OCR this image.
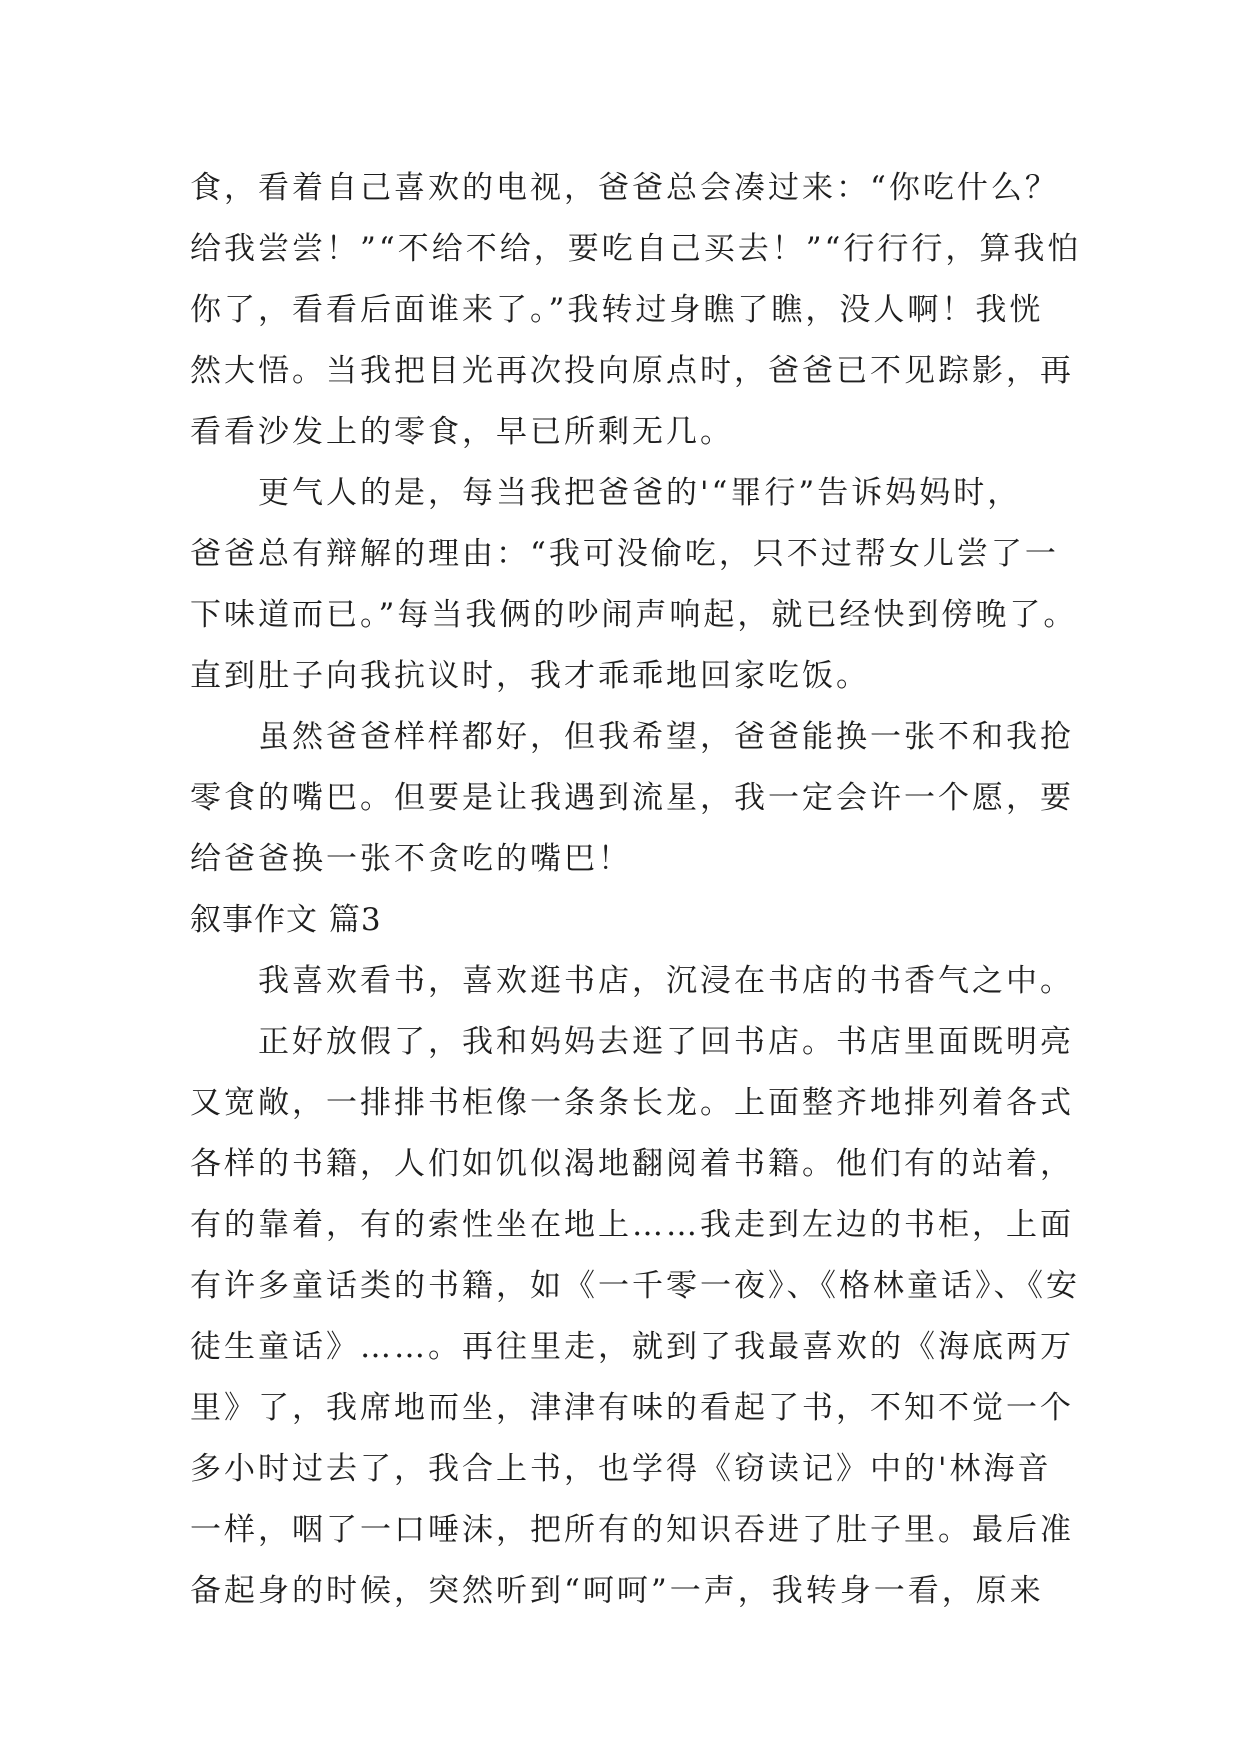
食，看着自己喜欢的电视，爸爸总会凑过来：“你吃什么？
给我尝尝！”“不给不给，要吃自己买去！”“行行行，算我怕
你了，看看后面谁来了。”我转过身瞧了瞧，没人啊！我恍
然大悟。当我把目光再次投向原点时，爸爸已不见踪影，再
看看沙发上的零食，早已所剩无几。
更气人的是，每当我把爸爸的'“罪行”告诉妈妈时，
爸爸总有辩解的理由：“我可没偷吃，只不过帮女儿尝了一
下味道而已。”每当我俩的吵闹声响起，就已经快到傍晚了。
直到肚子向我抗议时，我才乖乖地回家吃饭。
虽然爸爸样样都好，但我希望，爸爸能换一张不和我抢
零食的嘴巴。但要是让我遇到流星，我一定会许一个愿，要
给爸爸换一张不贪吃的嘴巴！
叙事作文 篇3
我喜欢看书，喜欢逛书店，沉浸在书店的书香气之中。
正好放假了，我和妈妈去逛了回书店。书店里面既明亮
又宽敞，一排排书柜像一条条长龙。上面整齐地排列着各式
各样的书籍，人们如饥似渴地翻阅着书籍。他们有的站着，
有的靠着，有的索性坐在地上……我走到左边的书柜，上面
有许多童话类的书籍，如《一千零一夜》、《格林童话》、《安
徒生童话》……。再往里走，就到了我最喜欢的《海底两万
里》了，我席地而坐，津津有味的看起了书，不知不觉一个
多小时过去了，我合上书，也学得《窃读记》中的'林海音
一样，咽了一口唾沫，把所有的知识吞进了肚子里。最后准
备起身的时候，突然听到“呵呵”一声，我转身一看，原来
